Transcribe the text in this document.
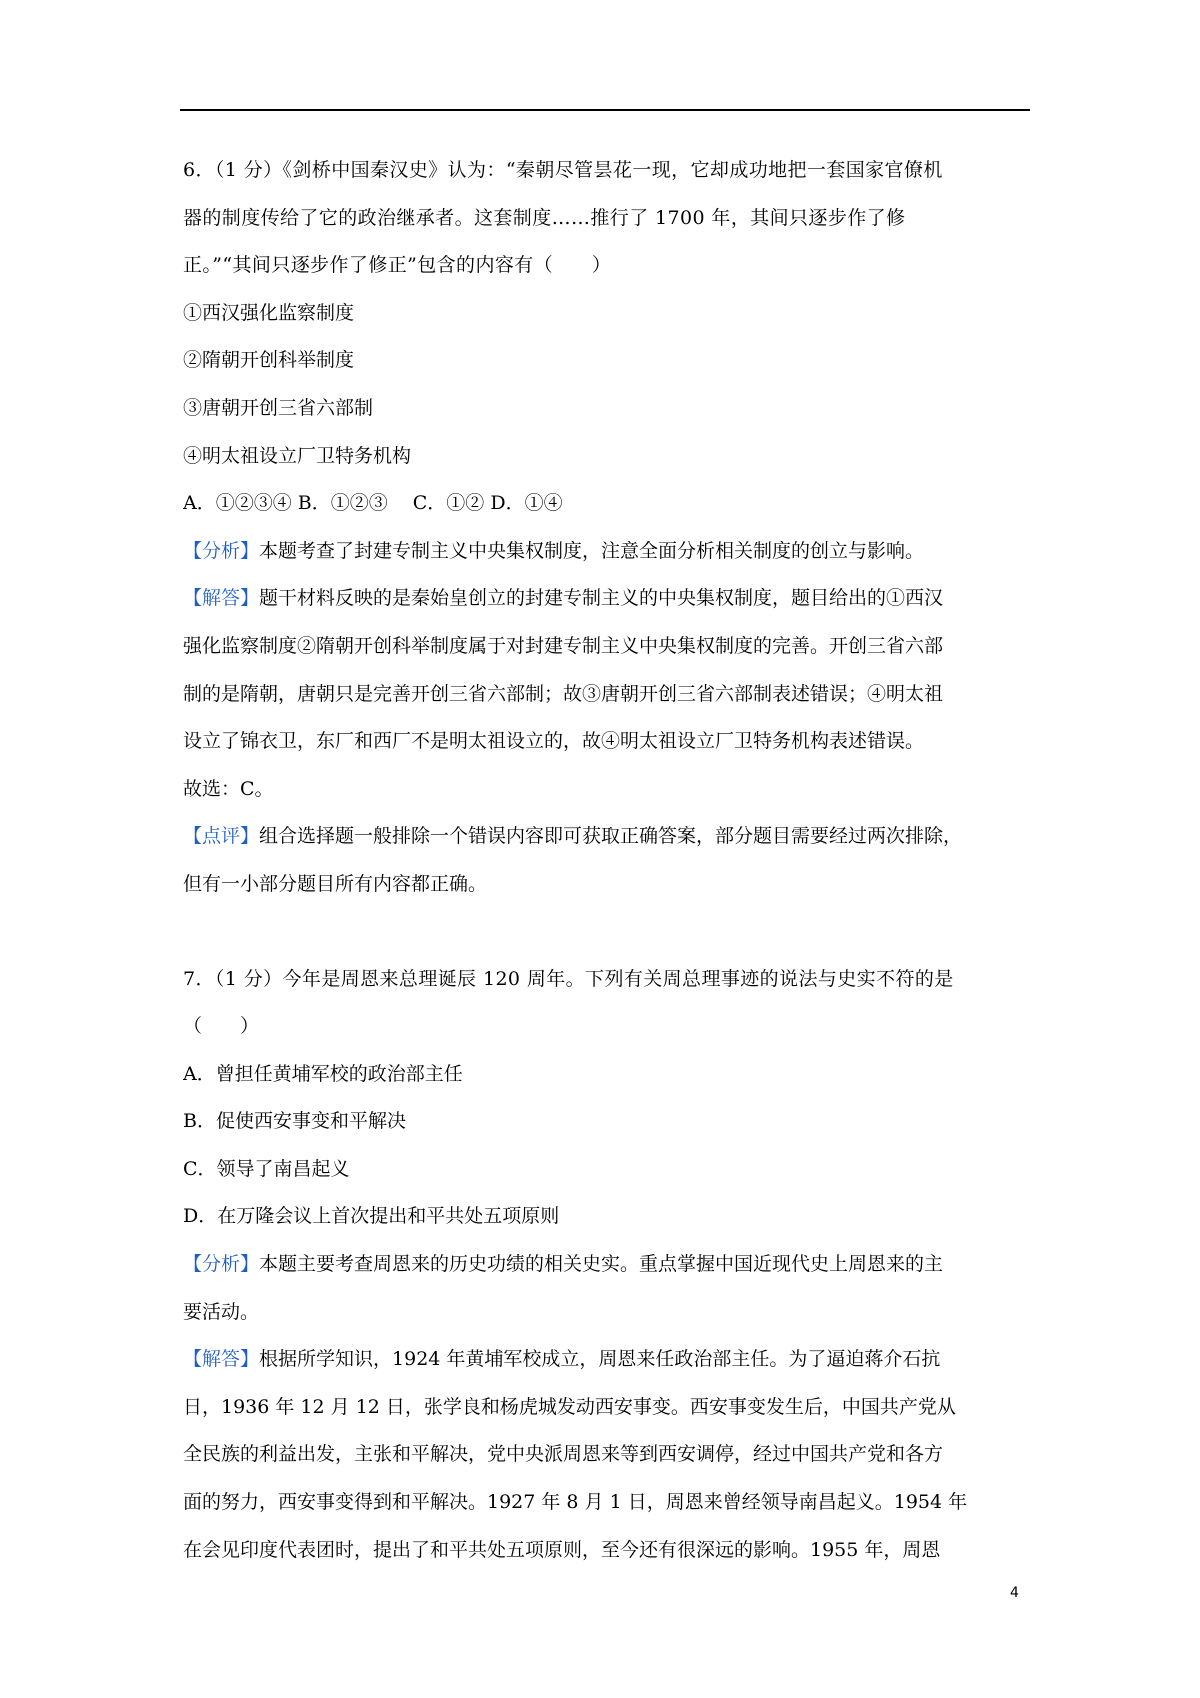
6．（1 分）《剑桥中国秦汉史》认为：“秦朝尽管昙花一现，它却成功地把一套国家官僚机
器的制度传给了它的政治继承者。这套制度……推行了 1700 年，其间只逐步作了修
正。”“其间只逐步作了修正”包含的内容有（　　）
①西汉强化监察制度
②隋朝开创科举制度
③唐朝开创三省六部制
④明太祖设立厂卫特务机构
A．①②③④ B．①②③　 C．①② D．①④
【分析】本题考查了封建专制主义中央集权制度，注意全面分析相关制度的创立与影响。
【解答】题干材料反映的是秦始皇创立的封建专制主义的中央集权制度，题目给出的①西汉
强化监察制度②隋朝开创科举制度属于对封建专制主义中央集权制度的完善。开创三省六部
制的是隋朝，唐朝只是完善开创三省六部制；故③唐朝开创三省六部制表述错误；④明太祖
设立了锦衣卫，东厂和西厂不是明太祖设立的，故④明太祖设立厂卫特务机构表述错误。
故选：C。
【点评】组合选择题一般排除一个错误内容即可获取正确答案，部分题目需要经过两次排除，
但有一小部分题目所有内容都正确。
7．（1 分）今年是周恩来总理诞辰 120 周年。下列有关周总理事迹的说法与史实不符的是
（　　）
A．曾担任黄埔军校的政治部主任
B．促使西安事变和平解决
C．领导了南昌起义
D．在万隆会议上首次提出和平共处五项原则
【分析】本题主要考查周恩来的历史功绩的相关史实。重点掌握中国近现代史上周恩来的主
要活动。
【解答】根据所学知识，1924 年黄埔军校成立，周恩来任政治部主任。为了逼迫蒋介石抗
日，1936 年 12 月 12 日，张学良和杨虎城发动西安事变。西安事变发生后，中国共产党从
全民族的利益出发，主张和平解决，党中央派周恩来等到西安调停，经过中国共产党和各方
面的努力，西安事变得到和平解决。1927 年 8 月 1 日，周恩来曾经领导南昌起义。1954 年
在会见印度代表团时，提出了和平共处五项原则，至今还有很深远的影响。1955 年，周恩
4
